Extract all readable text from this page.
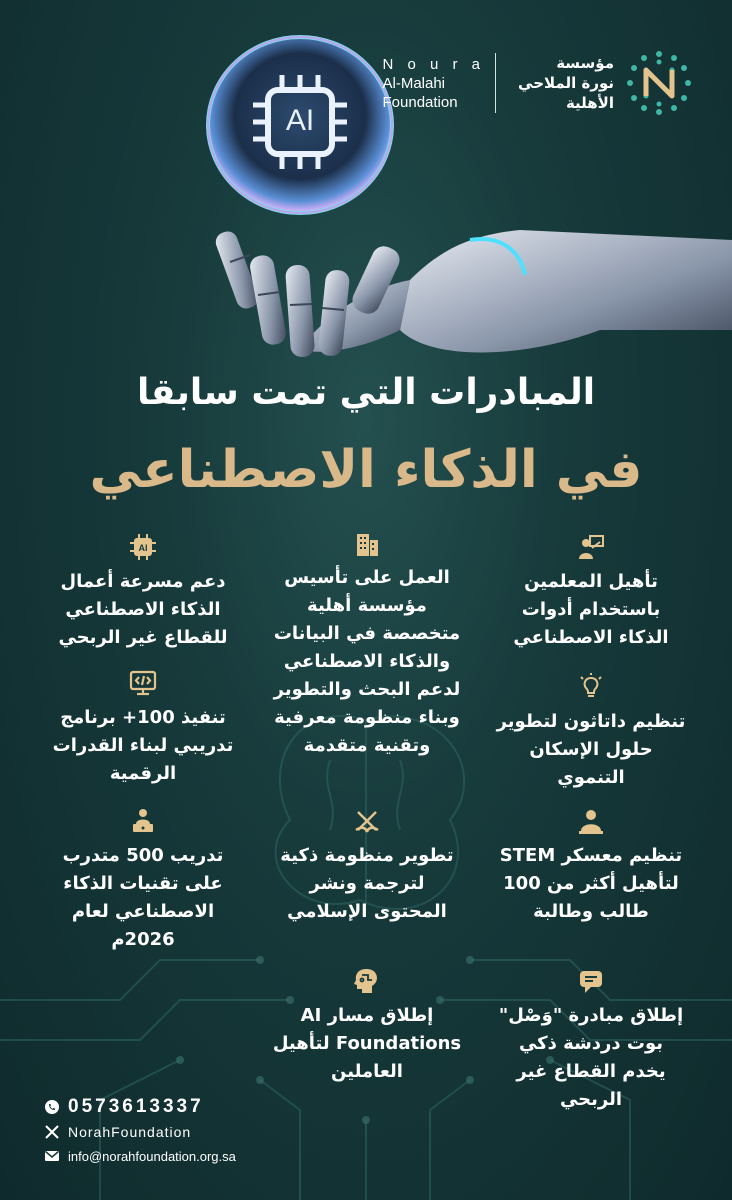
AI
N o u r a
Al-Malahi
Foundation
مؤسسة
نورة الملاحي
الأهلية
المبادرات التي تمت سابقا
في الذكاء الاصطناعي

تأهيل المعلمين باستخدام أدوات الذكاء الاصطناعي

تنظيم داتاثون لتطوير حلول الإسكان التنموي

تنظيم معسكر STEM لتأهيل أكثر من 100 طالب وطالبة

إطلاق مبادرة "وَصْل" بوت دردشة ذكي يخدم القطاع غير الربحي

العمل على تأسيس مؤسسة أهلية متخصصة في البيانات والذكاء الاصطناعي لدعم البحث والتطوير وبناء منظومة معرفية وتقنية متقدمة

تطوير منظومة ذكية لترجمة ونشر المحتوى الإسلامي

إطلاق مسار AI Foundations لتأهيل العاملين

AI

دعم مسرعة أعمال الذكاء الاصطناعي للقطاع غير الربحي

تنفيذ 100+ برنامج تدريبي لبناء القدرات الرقمية

تدريب 500 متدرب على تقنيات الذكاء الاصطناعي لعام 2026م

0573613337
NorahFoundation
info@norahfoundation.org.sa
